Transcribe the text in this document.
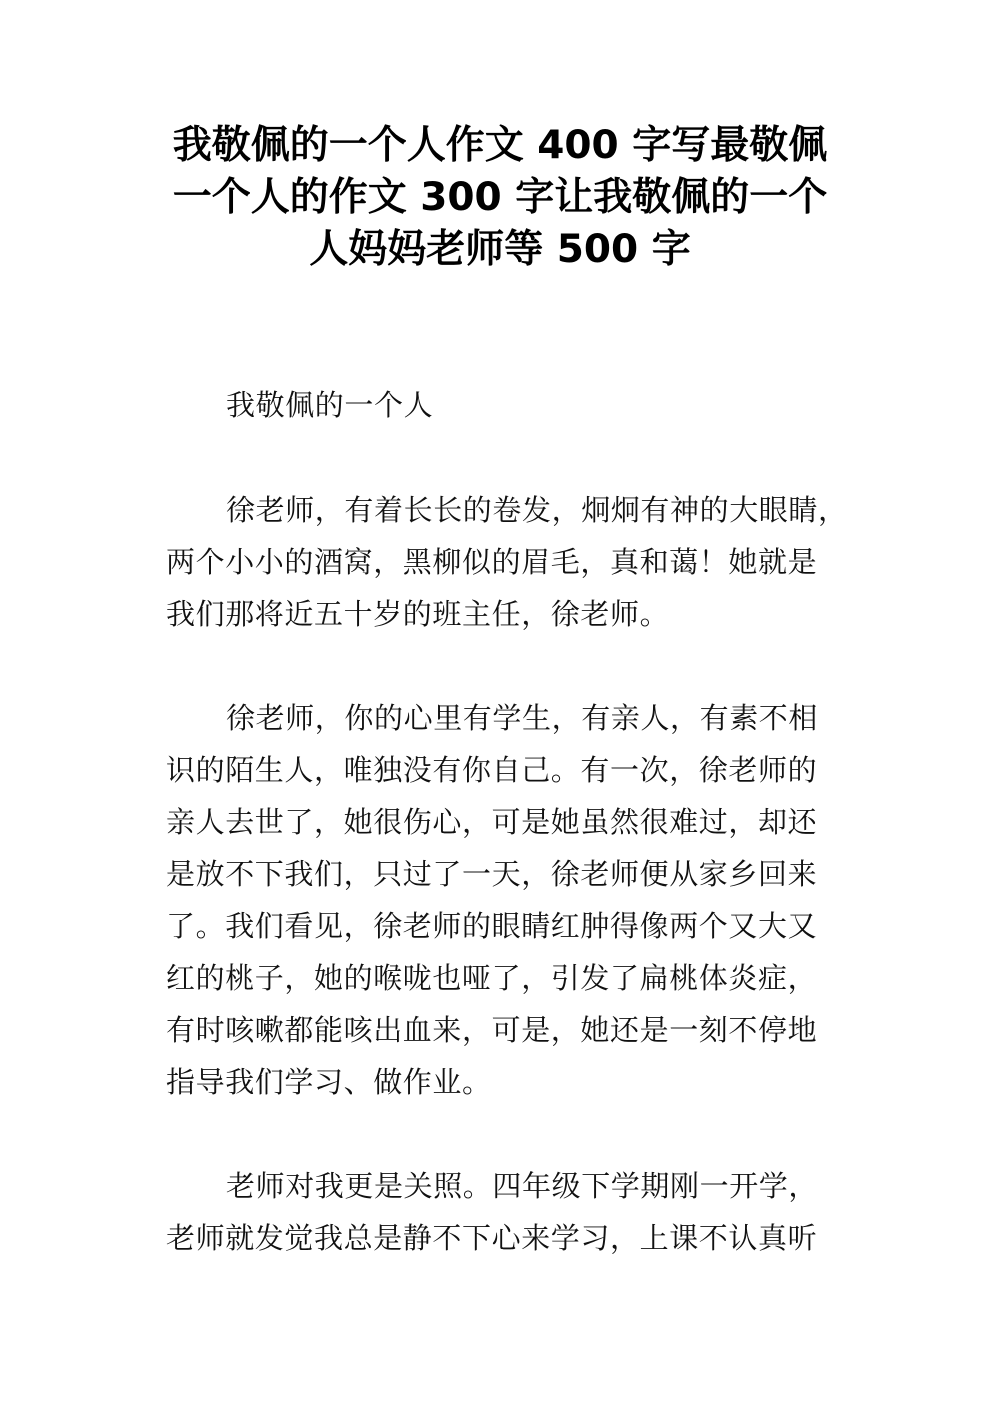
我敬佩的一个人作文 400 字写最敬佩
一个人的作文 300 字让我敬佩的一个
人妈妈老师等 500 字
我敬佩的一个人
徐老师，有着长长的卷发，炯炯有神的大眼睛，
两个小小的酒窝，黑柳似的眉毛，真和蔼！她就是
我们那将近五十岁的班主任，徐老师。
徐老师，你的心里有学生，有亲人，有素不相
识的陌生人，唯独没有你自己。有一次，徐老师的
亲人去世了，她很伤心，可是她虽然很难过，却还
是放不下我们，只过了一天，徐老师便从家乡回来
了。我们看见，徐老师的眼睛红肿得像两个又大又
红的桃子，她的喉咙也哑了，引发了扁桃体炎症，
有时咳嗽都能咳出血来，可是，她还是一刻不停地
指导我们学习、做作业。
老师对我更是关照。四年级下学期刚一开学，
老师就发觉我总是静不下心来学习，上课不认真听
